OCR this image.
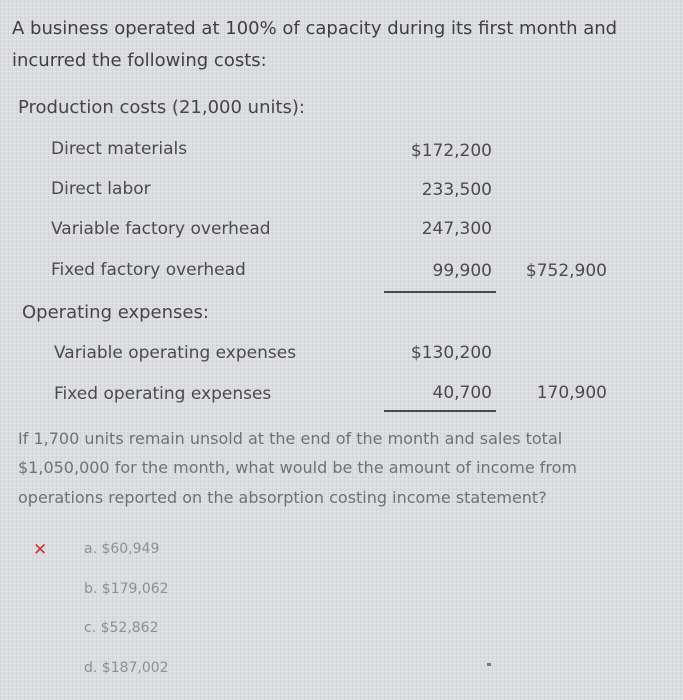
A business operated at 100% of capacity during its first month and
incurred the following costs:
Production costs (21,000 units):
Direct materials	$172,200
Direct labor	233,500
Variable factory overhead	247,300
Fixed factory overhead	99,900 $752,900
Operating expenses:
Variable operating expenses	$130,200
Fixed operating expenses	40,700	170,900
If 1,700 units remain unsold at the end of the month and sales total
$1,050,000 for the month, what would be the amount of income from
operations reported on the absorption costing income statement?
✕	a. $60,949
b. $179,062
c. $52,862
d. $187,002
